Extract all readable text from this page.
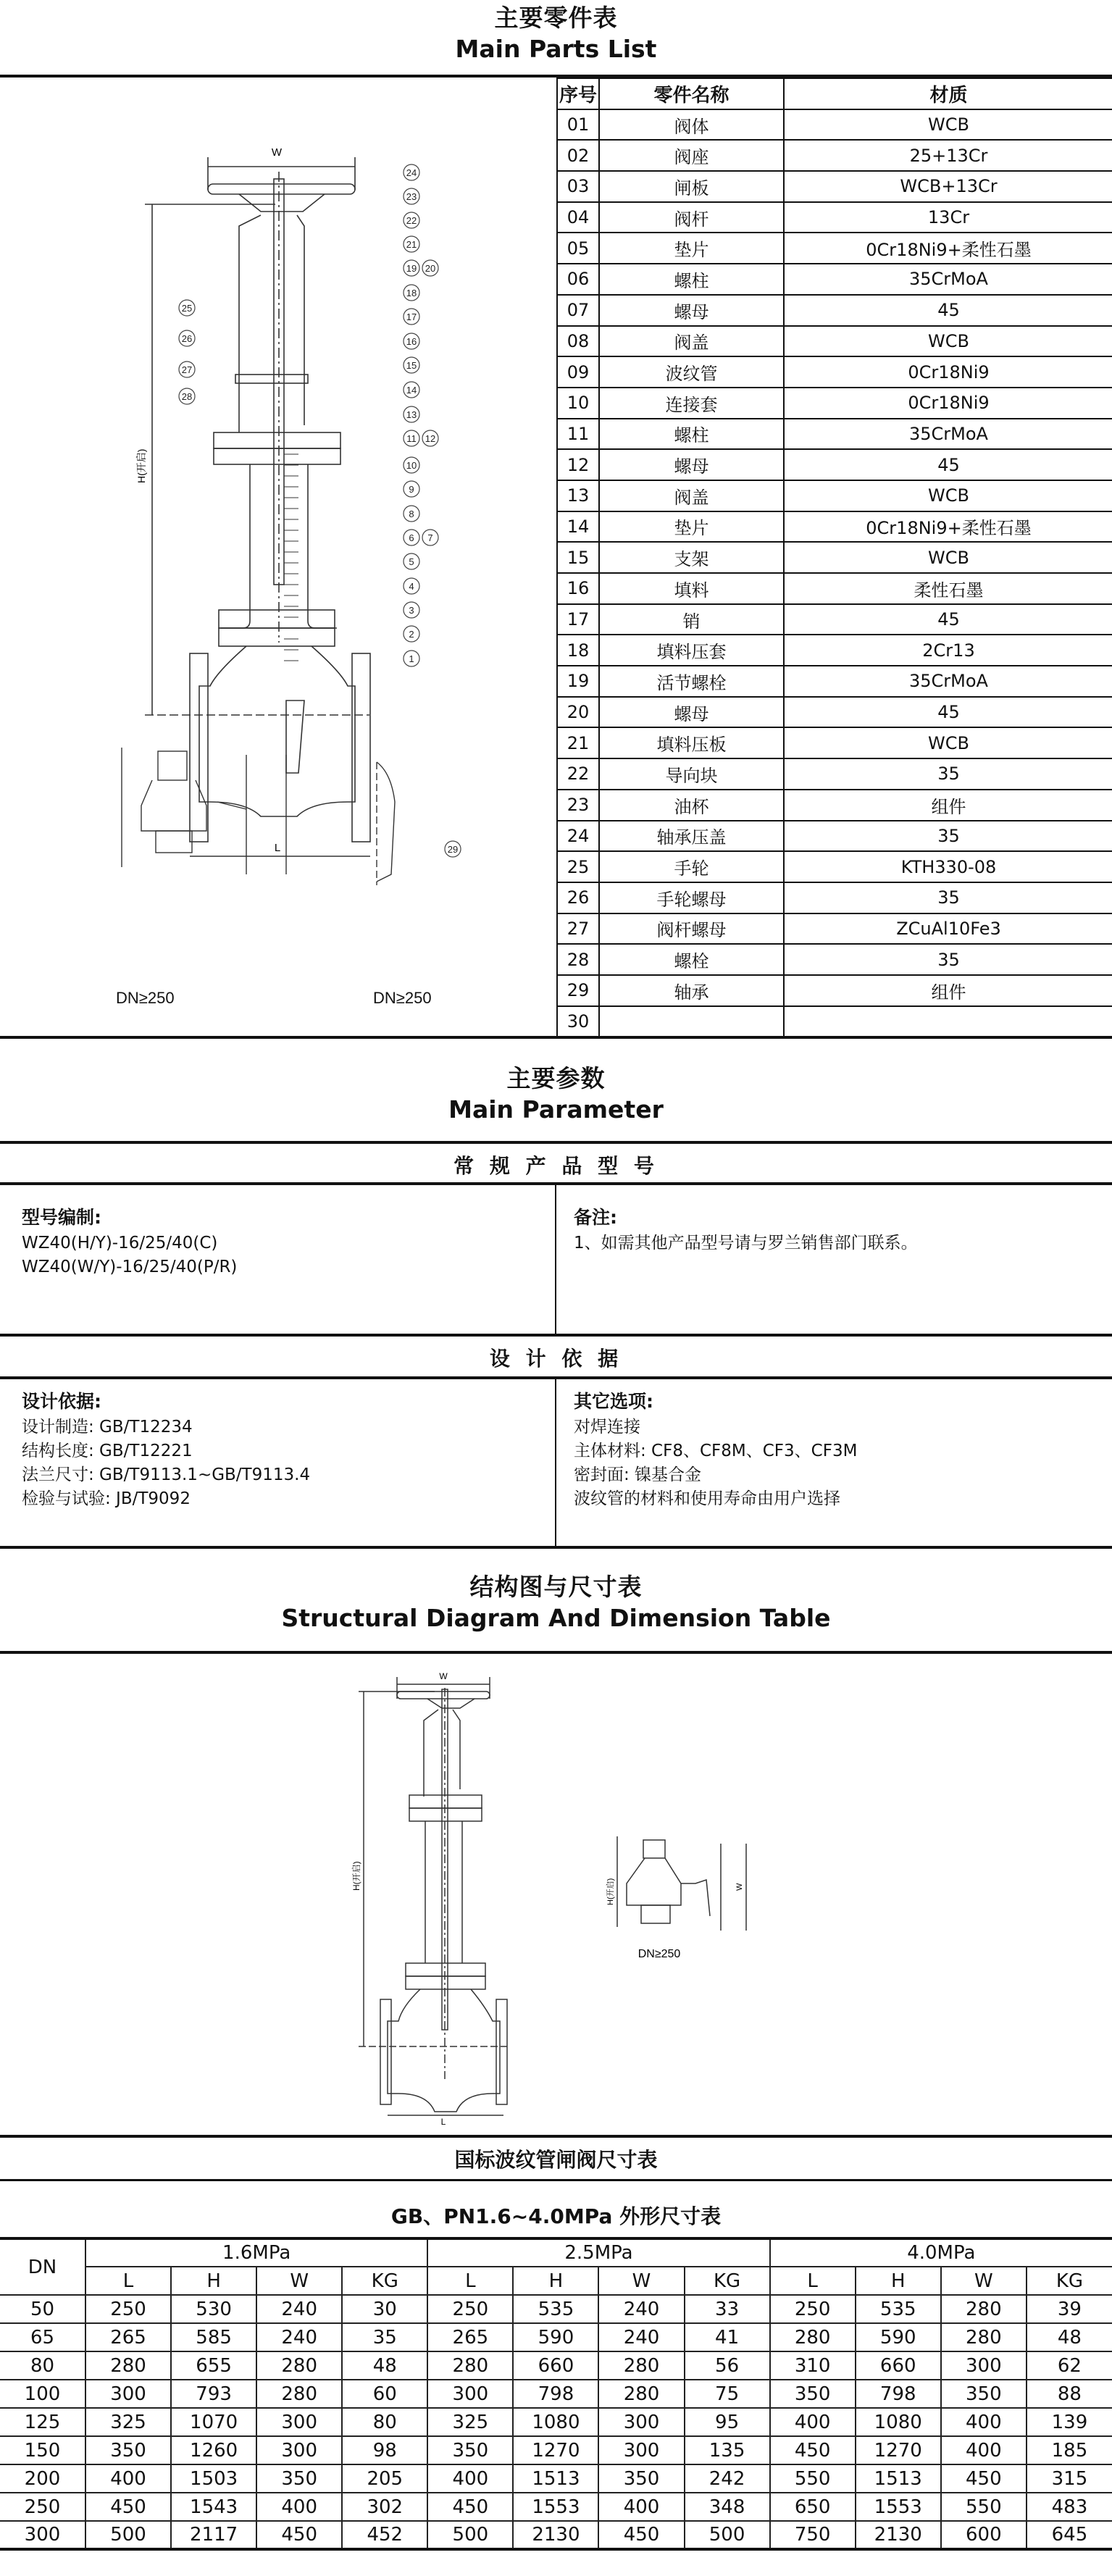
主要零件表
Main Parts List
W
L
H(开启)
24
23
22
21
19 20
18
17
16
15
14
13
11 12
10
9
8
6 7
5
4
3
2
1
25
26
27
28
29
DN≥250	DN≥250
序号	零件名称	材质
01	阀体	WCB
02	阀座	25+13Cr
03	闸板	WCB+13Cr
04	阀杆	13Cr
05	垫片	0Cr18Ni9+柔性石墨
06	螺柱	35CrMoA
07	螺母	45
08	阀盖	WCB
09	波纹管	0Cr18Ni9
10	连接套	0Cr18Ni9
11	螺柱	35CrMoA
12	螺母	45
13	阀盖	WCB
14	垫片	0Cr18Ni9+柔性石墨
15	支架	WCB
16	填料	柔性石墨
17	销	45
18	填料压套	2Cr13
19	活节螺栓	35CrMoA
20	螺母	45
21	填料压板	WCB
22	导向块	35
23	油杯	组件
24	轴承压盖	35
25	手轮	KTH330-08
26	手轮螺母	35
27	阀杆螺母	ZCuAl10Fe3
28	螺栓	35
29	轴承	组件
30		
主要参数
Main Parameter
常 规 产 品 型 号
型号编制:
WZ40(H/Y)-16/25/40(C)
WZ40(W/Y)-16/25/40(P/R)
备注:
1、如需其他产品型号请与罗兰销售部门联系。
设 计 依 据
设计依据:
设计制造: GB/T12234
结构长度: GB/T12221
法兰尺寸: GB/T9113.1~GB/T9113.4
检验与试验: JB/T9092
其它选项:
对焊连接
主体材料: CF8、CF8M、CF3、CF3M
密封面: 镍基合金
波纹管的材料和使用寿命由用户选择
结构图与尺寸表
Structural Diagram And Dimension Table
W
L
H(开启)
H(开启)	W
DN≥250
国标波纹管闸阀尺寸表
GB、PN1.6~4.0MPa 外形尺寸表
DN	1.6MPa				2.5MPa				4.0MPa			
	L	H	W	KG	L	H	W	KG	L	H	W	KG
50	250	530	240	30	250	535	240	33	250	535	280	39
65	265	585	240	35	265	590	240	41	280	590	280	48
80	280	655	280	48	280	660	280	56	310	660	300	62
100	300	793	280	60	300	798	280	75	350	798	350	88
125	325	1070	300	80	325	1080	300	95	400	1080	400	139
150	350	1260	300	98	350	1270	300	135	450	1270	400	185
200	400	1503	350	205	400	1513	350	242	550	1513	450	315
250	450	1543	400	302	450	1553	400	348	650	1553	550	483
300	500	2117	450	452	500	2130	450	500	750	2130	600	645
